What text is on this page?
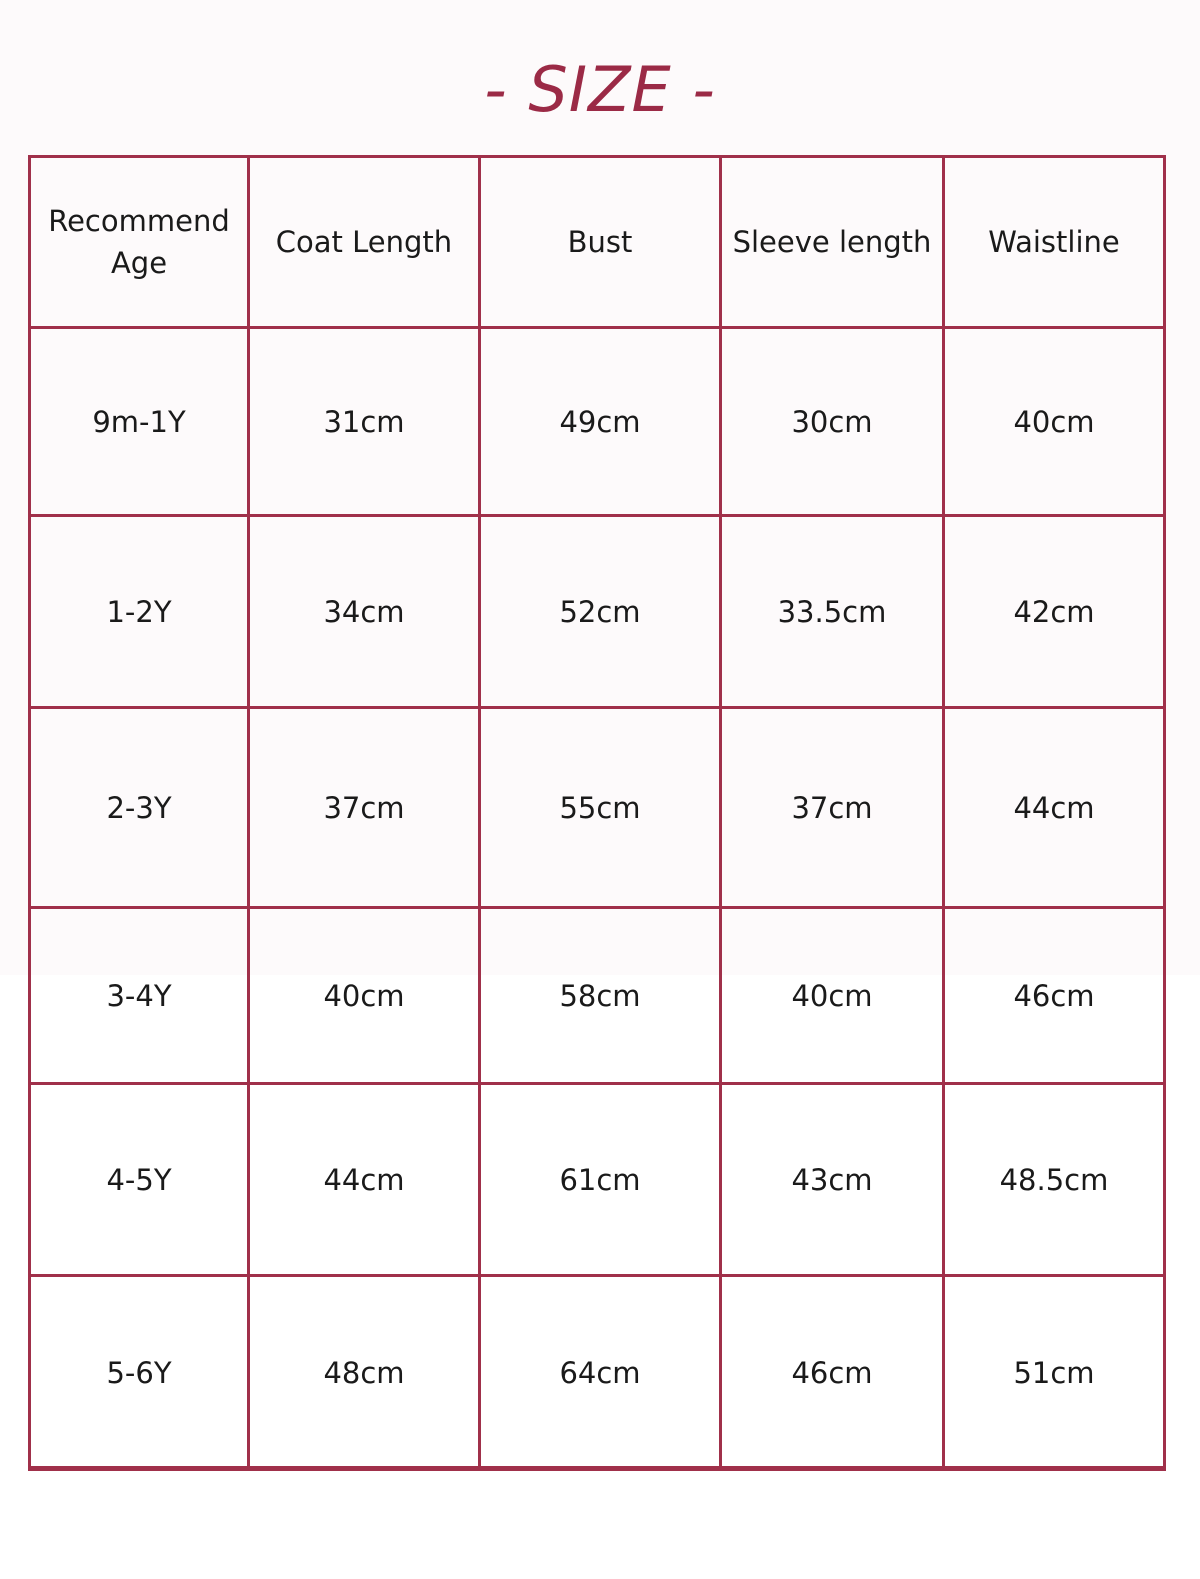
- SIZE -
Recommend Age	Coat Length	Bust	Sleeve length	Waistline
9m-1Y	31cm	49cm	30cm	40cm
1-2Y	34cm	52cm	33.5cm	42cm
2-3Y	37cm	55cm	37cm	44cm
3-4Y	40cm	58cm	40cm	46cm
4-5Y	44cm	61cm	43cm	48.5cm
5-6Y	48cm	64cm	46cm	51cm
